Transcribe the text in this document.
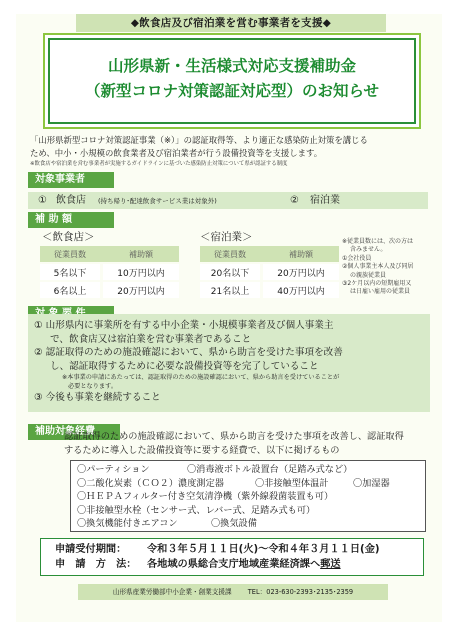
◆飲食店及び宿泊業を営む事業者を支援◆
山形県新・生活様式対応支援補助金
（新型コロナ対策認証対応型）のお知らせ
「山形県新型コロナ対策認証事業（※）」の認証取得等、より適正な感染防止対策を講じる
ため、中小・小規模の飲食業者及び宿泊業者が行う設備投資等を支援します。
※飲食店や宿泊業を営む事業者が実施するガイドラインに基づいた感染防止対策について県が認証する制度
対象事業者
① 飲食店 (持ち帰り･配達飲食サービス業は対象外)	② 宿泊業
補 助 額
＜飲食店＞	＜宿泊業＞
従業員数		補助額

5名以下		10万円以内

6名以上		20万円以内
従業員数		補助額

20名以下		20万円以内

21名以上		40万円以内
※従業員数には、次の方は
含みません。
①会社役員
②個人事業主本人及び同居
の親族従業員
③2ケ月以内の短期雇用又
は日雇い雇用の従業員
① 山形県内に事業所を有する中小企業・小規模事業者及び個人事業主
で、飲食店又は宿泊業を営む事業者であること
② 認証取得のための施設確認において、県から助言を受けた事項を改善
し、認証取得するために必要な設備投資等を完了していること
※本事業の申請にあたっては、認証取得のための施設確認において、県から助言を受けていることが
必要となります。
③ 今後も事業を継続すること
補助対象経費
認証取得のための施設確認において、県から助言を受けた事項を改善し、認証取得
するために導入した設備投資等に要する経費で、以下に掲げるもの
〇パーティション	〇消毒液ボトル設置台（足踏み式など）
〇二酸化炭素（ＣＯ２）濃度測定器	〇非接触型体温計	〇加湿器
〇ＨＥＰＡフィルター付き空気清浄機（紫外線殺菌装置も可）
〇非接触型水栓（センサー式、レバー式、足踏み式も可）
〇換気機能付きエアコン	〇換気設備
申請受付期間： 令和３年５月１１日(火)～令和４年３月１１日(金)
申　請　方　法： 各地域の県総合支庁地域産業経済課へ郵送
山形県産業労働部中小企業・創業支援課 TEL：023-630-2393･2135･2359
